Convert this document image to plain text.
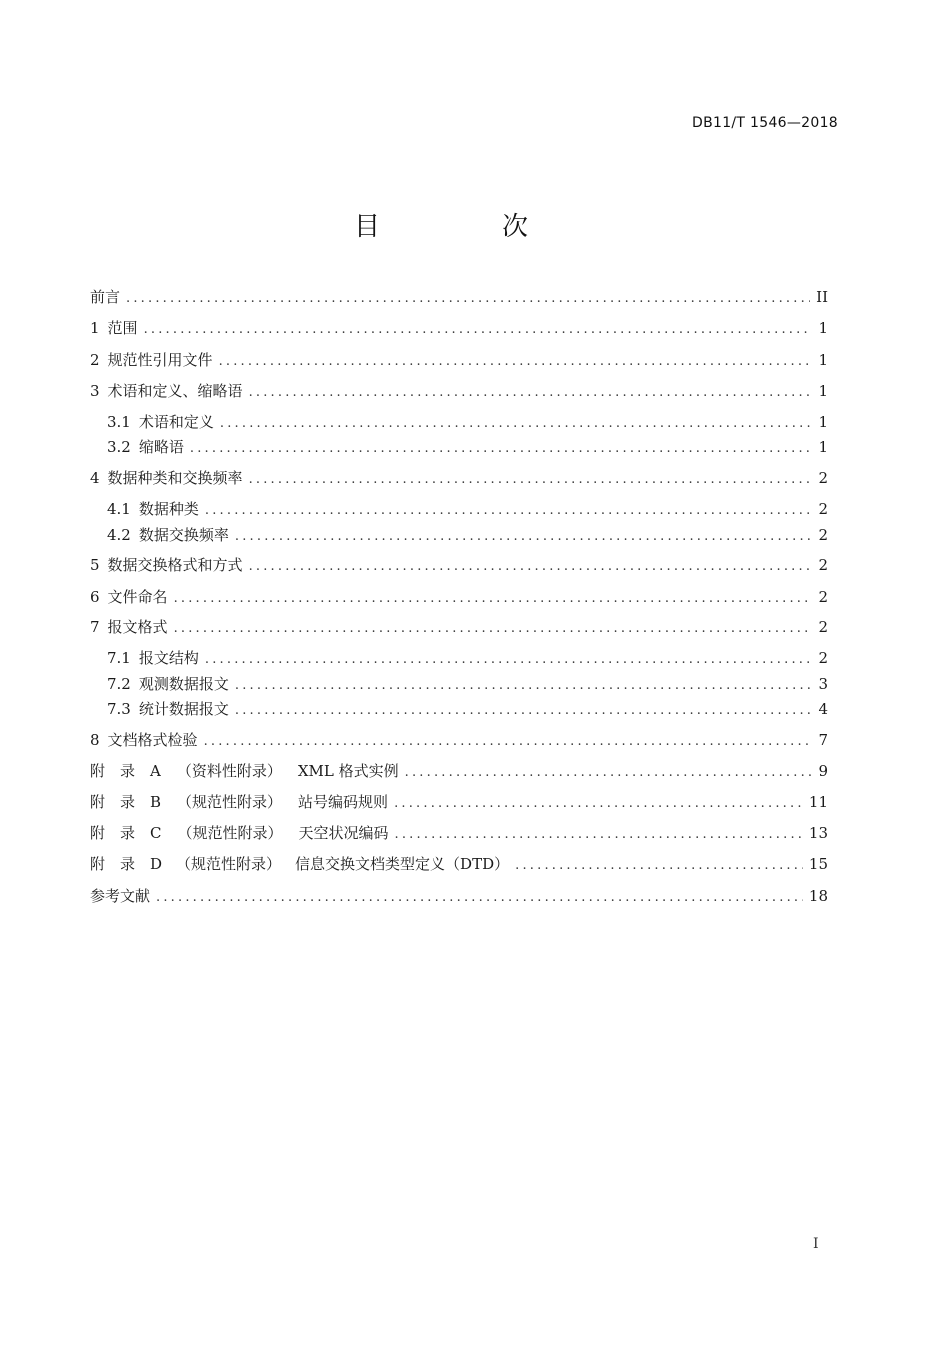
DB11/T 1546—2018
目　次
前言 .....	II
1 范围 .....	1
2 规范性引用文件 .....	1
3 术语和定义、缩略语 .....	1
3.1 术语和定义 .....	1
3.2 缩略语 .....	1
4 数据种类和交换频率 .....	2
4.1 数据种类 .....	2
4.2 数据交换频率 .....	2
5 数据交换格式和方式 .....	2
6 文件命名 .....	2
7 报文格式 .....	2
7.1 报文结构 .....	2
7.2 观测数据报文 .....	3
7.3 统计数据报文 .....	4
8 文档格式检验 .....	7
附　录　A （资料性附录） XML 格式实例 .....	9
附　录　B （规范性附录） 站号编码规则 .....	11
附　录　C （规范性附录） 天空状况编码 .....	13
附　录　D （规范性附录） 信息交换文档类型定义（DTD） .....	15
参考文献 .....	18
I
